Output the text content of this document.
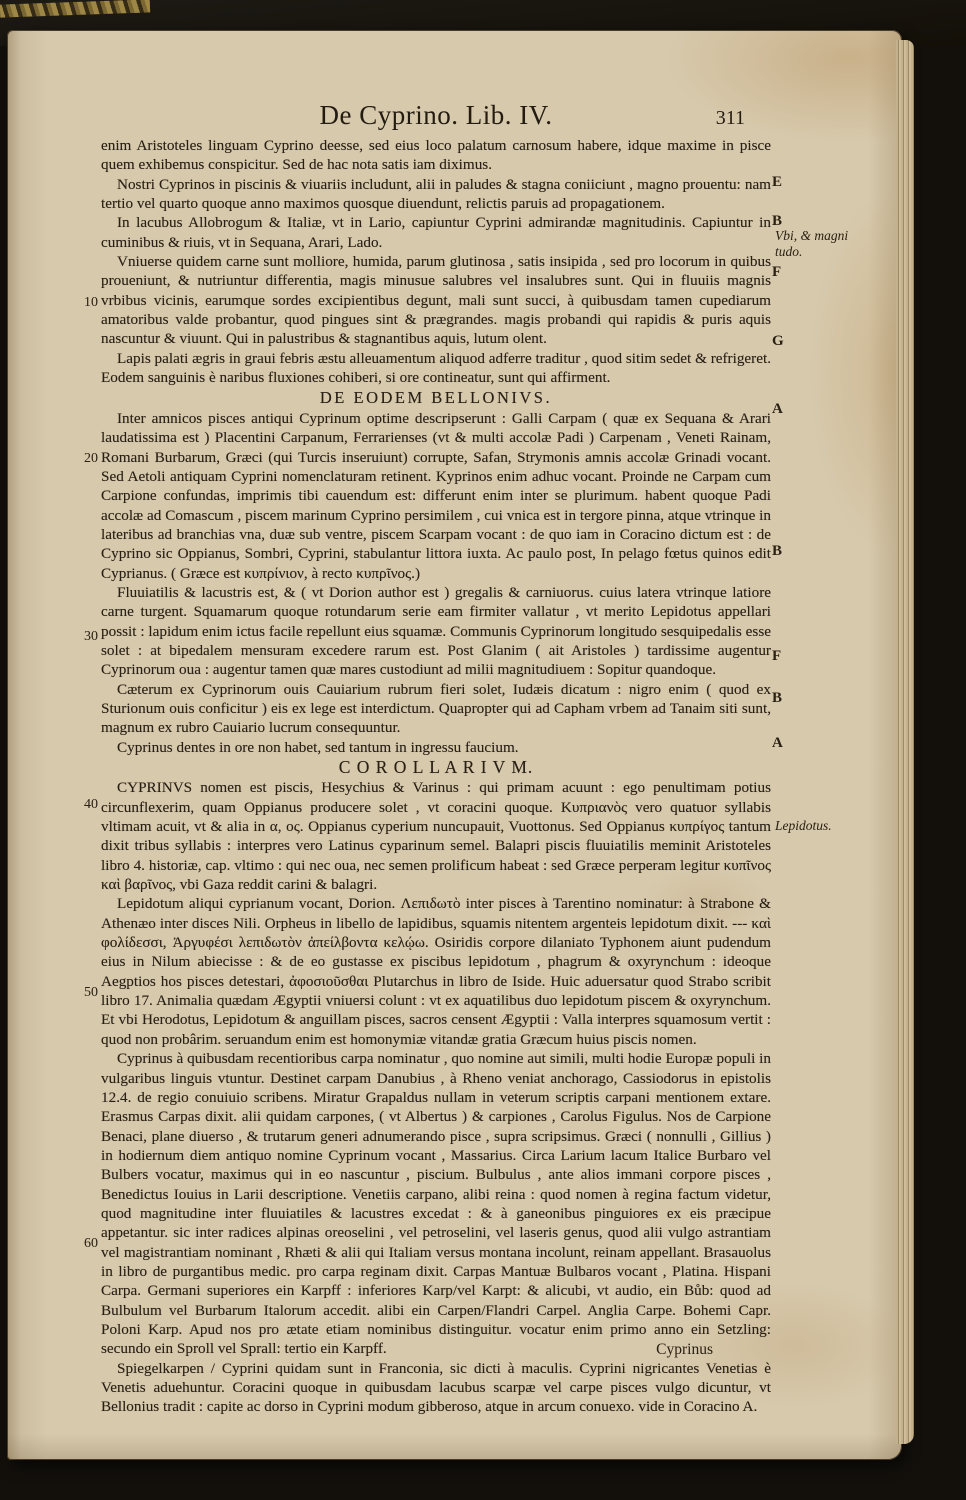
De Cyprino. Lib. IV.	311

enim Aristoteles linguam Cyprino deesse, sed eius loco palatum carnosum habere, idque maxime in pisce quem exhibemus conspicitur. Sed de hac nota satis iam diximus.

Nostri Cyprinos in piscinis & viuariis includunt, alii in paludes & stagna coniiciunt , magno prouentu: nam tertio vel quarto quoque anno maximos quosque diuendunt, relictis paruis ad propagationem.

In lacubus Allobrogum & Italiæ, vt in Lario, capiuntur Cyprini admirandæ magnitudinis. Capiuntur in cuminibus & riuis, vt in Sequana, Arari, Lado.

Vniuerse quidem carne sunt molliore, humida, parum glutinosa , satis insipida , sed pro locorum in quibus proueniunt, & nutriuntur differentia, magis minusue salubres vel insalubres sunt. Qui in fluuiis magnis vrbibus vicinis, earumque sordes excipientibus degunt, mali sunt succi, à quibusdam tamen cupediarum amatoribus valde probantur, quod pingues sint & prægrandes. magis probandi qui rapidis & puris aquis nascuntur & viuunt. Qui in palustribus & stagnantibus aquis, lutum olent.

Lapis palati ægris in graui febris æstu alleuamentum aliquod adferre traditur , quod sitim sedet & refrigeret. Eodem sanguinis è naribus fluxiones cohiberi, si ore contineatur, sunt qui affirment.

DE EODEM BELLONIVS.

Inter amnicos pisces antiqui Cyprinum optime descripserunt : Galli Carpam ( quæ ex Sequana & Arari laudatissima est ) Placentini Carpanum, Ferrarienses (vt & multi accolæ Padi ) Carpenam , Veneti Rainam, Romani Burbarum, Græci (qui Turcis inseruiunt) corrupte, Safan, Strymonis amnis accolæ Grinadi vocant. Sed Aetoli antiquam Cyprini nomenclaturam retinent. Kyprinos enim adhuc vocant. Proinde ne Carpam cum Carpione confundas, imprimis tibi cauendum est: differunt enim inter se plurimum. habent quoque Padi accolæ ad Comascum , piscem marinum Cyprino persimilem , cui vnica est in tergore pinna, atque vtrinque in lateribus ad branchias vna, duæ sub ventre, piscem Scarpam vocant : de quo iam in Coracino dictum est : de Cyprino sic Oppianus, Sombri, Cyprini, stabulantur littora iuxta. Ac paulo post, In pelago fœtus quinos edit Cyprianus. ( Græce est κυπρίνιον, à recto κυπρῖνος.)

Fluuiatilis & lacustris est, & ( vt Dorion author est ) gregalis & carniuorus. cuius latera vtrinque latiore carne turgent. Squamarum quoque rotundarum serie eam firmiter vallatur , vt merito Lepidotus appellari possit : lapidum enim ictus facile repellunt eius squamæ. Communis Cyprinorum longitudo sesquipedalis esse solet : at bipedalem mensuram excedere rarum est. Post Glanim ( ait Aristoles ) tardissime augentur Cyprinorum oua : augentur tamen quæ mares custodiunt ad milii magnitudiuem : Sopitur quandoque.

Cæterum ex Cyprinorum ouis Cauiarium rubrum fieri solet, Iudæis dicatum : nigro enim ( quod ex Sturionum ouis conficitur ) eis ex lege est interdictum. Quapropter qui ad Capham vrbem ad Tanaim siti sunt, magnum ex rubro Cauiario lucrum consequuntur.

Cyprinus dentes in ore non habet, sed tantum in ingressu faucium.

C O R O L L A R I V M.

CYPRINVS nomen est piscis, Hesychius & Varinus : qui primam acuunt : ego penultimam potius circunflexerim, quam Oppianus producere solet , vt coracini quoque. Κυπριανὸς vero quatuor syllabis vltimam acuit, vt & alia in α, ος. Oppianus cyperium nuncupauit, Vuottonus. Sed Oppianus κυπρίγος tantum dixit tribus syllabis : interpres vero Latinus cyparinum semel. Balapri piscis fluuiatilis meminit Aristoteles libro 4. historiæ, cap. vltimo : qui nec oua, nec semen prolificum habeat : sed Græce perperam legitur κυπῖνος καὶ βαρῖνος, vbi Gaza reddit carini & balagri.

Lepidotum aliqui cyprianum vocant, Dorion. Λεπιδωτὸ inter pisces à Tarentino nominatur: à Strabone & Athenæo inter disces Nili. Orpheus in libello de lapidibus, squamis nitentem argenteis lepidotum dixit. --- καὶ φολίδεσσι, Ἀργυφέσι λεπιδωτὸν ἀπείλβοντα κελῴω. Osiridis corpore dilaniato Typhonem aiunt pudendum eius in Nilum abiecisse : & de eo gustasse ex piscibus lepidotum , phagrum & oxyrynchum : ideoque Aegptios hos pisces detestari, ἀφοσιοῦσθαι Plutarchus in libro de Iside. Huic aduersatur quod Strabo scribit libro 17. Animalia quædam Ægyptii vniuersi colunt : vt ex aquatilibus duo lepidotum piscem & oxyrynchum. Et vbi Herodotus, Lepidotum & anguillam pisces, sacros censent Ægyptii : Valla interpres squamosum vertit : quod non probârim. seruandum enim est homonymiæ vitandæ gratia Græcum huius piscis nomen.

Cyprinus à quibusdam recentioribus carpa nominatur , quo nomine aut simili, multi hodie Europæ populi in vulgaribus linguis vtuntur. Destinet carpam Danubius , à Rheno veniat anchorago, Cassiodorus in epistolis 12.4. de regio conuiuio scribens. Miratur Grapaldus nullam in veterum scriptis carpani mentionem extare. Erasmus Carpas dixit. alii quidam carpones, ( vt Albertus ) & carpiones , Carolus Figulus. Nos de Carpione Benaci, plane diuerso , & trutarum generi adnumerando pisce , supra scripsimus. Græci ( nonnulli , Gillius ) in hodiernum diem antiquo nomine Cyprinum vocant , Massarius. Circa Larium lacum Italice Burbaro vel Bulbers vocatur, maximus qui in eo nascuntur , piscium. Bulbulus , ante alios immani corpore pisces , Benedictus Iouius in Larii descriptione. Venetiis carpano, alibi reina : quod nomen à regina factum videtur, quod magnitudine inter fluuiatiles & lacustres excedat : & à ganeonibus pinguiores ex eis præcipue appetantur. sic inter radices alpinas oreoselini , vel petroselini, vel laseris genus, quod alii vulgo astrantiam vel magistrantiam nominant , Rhæti & alii qui Italiam versus montana incolunt, reinam appellant. Brasauolus in libro de purgantibus medic. pro carpa reginam dixit. Carpas Mantuæ Bulbaros vocant , Platina. Hispani Carpa. Germani superiores ein Karpff : inferiores Karp/vel Karpt: & alicubi, vt audio, ein Bůb: quod ad Bulbulum vel Burbarum Italorum accedit. alibi ein Carpen/Flandri Carpel. Anglia Carpe. Bohemi Capr. Poloni Karp. Apud nos pro ætate etiam nominibus distinguitur. vocatur enim primo anno ein Setzling: secundo ein Sproll vel Sprall: tertio ein Karpff.

Spiegelkarpen / Cyprini quidam sunt in Franconia, sic dicti à maculis. Cyprini nigricantes Venetias è Venetis aduehuntur. Coracini quoque in quibusdam lacubus scarpæ vel carpe pisces vulgo dicuntur, vt Bellonius tradit : capite ac dorso in Cyprini modum gibberoso, atque in arcum conuexo. vide in Coracino A.

E
B
Vbi, & magni
tudo.
F
G
A
B
F
B
A
Lepidotus.
10
20
30
40
50
60
Cyprinus
